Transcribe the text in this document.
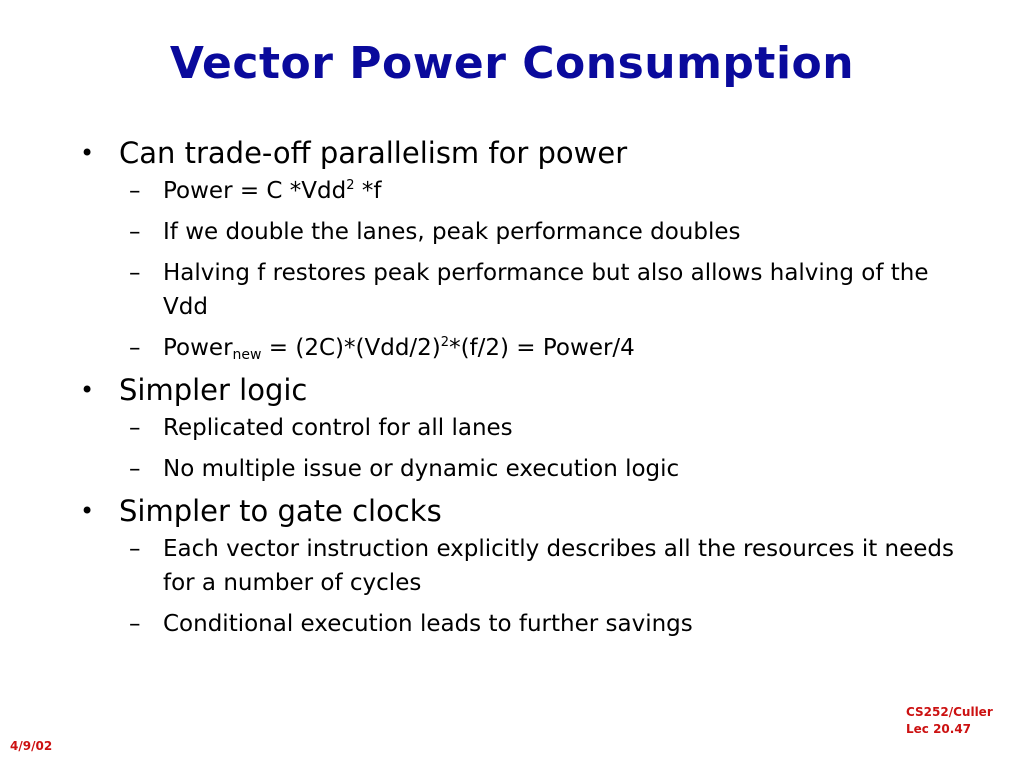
Vector Power Consumption
• Can trade-off parallelism for power
– Power = C *Vdd$^2$ *f
– If we double the lanes, peak performance doubles
– Halving f restores peak performance but also allows halving of the Vdd
– Power$_{new}$ = $(2C)*(Vdd/2)^2*(f/2)$ = Power/4
• Simpler logic
– Replicated control for all lanes
– No multiple issue or dynamic execution logic
• Simpler to gate clocks
– Each vector instruction explicitly describes all the resources it needs for a number of cycles
– Conditional execution leads to further savings
4/9/02
CS252/Culler
Lec 20.47
